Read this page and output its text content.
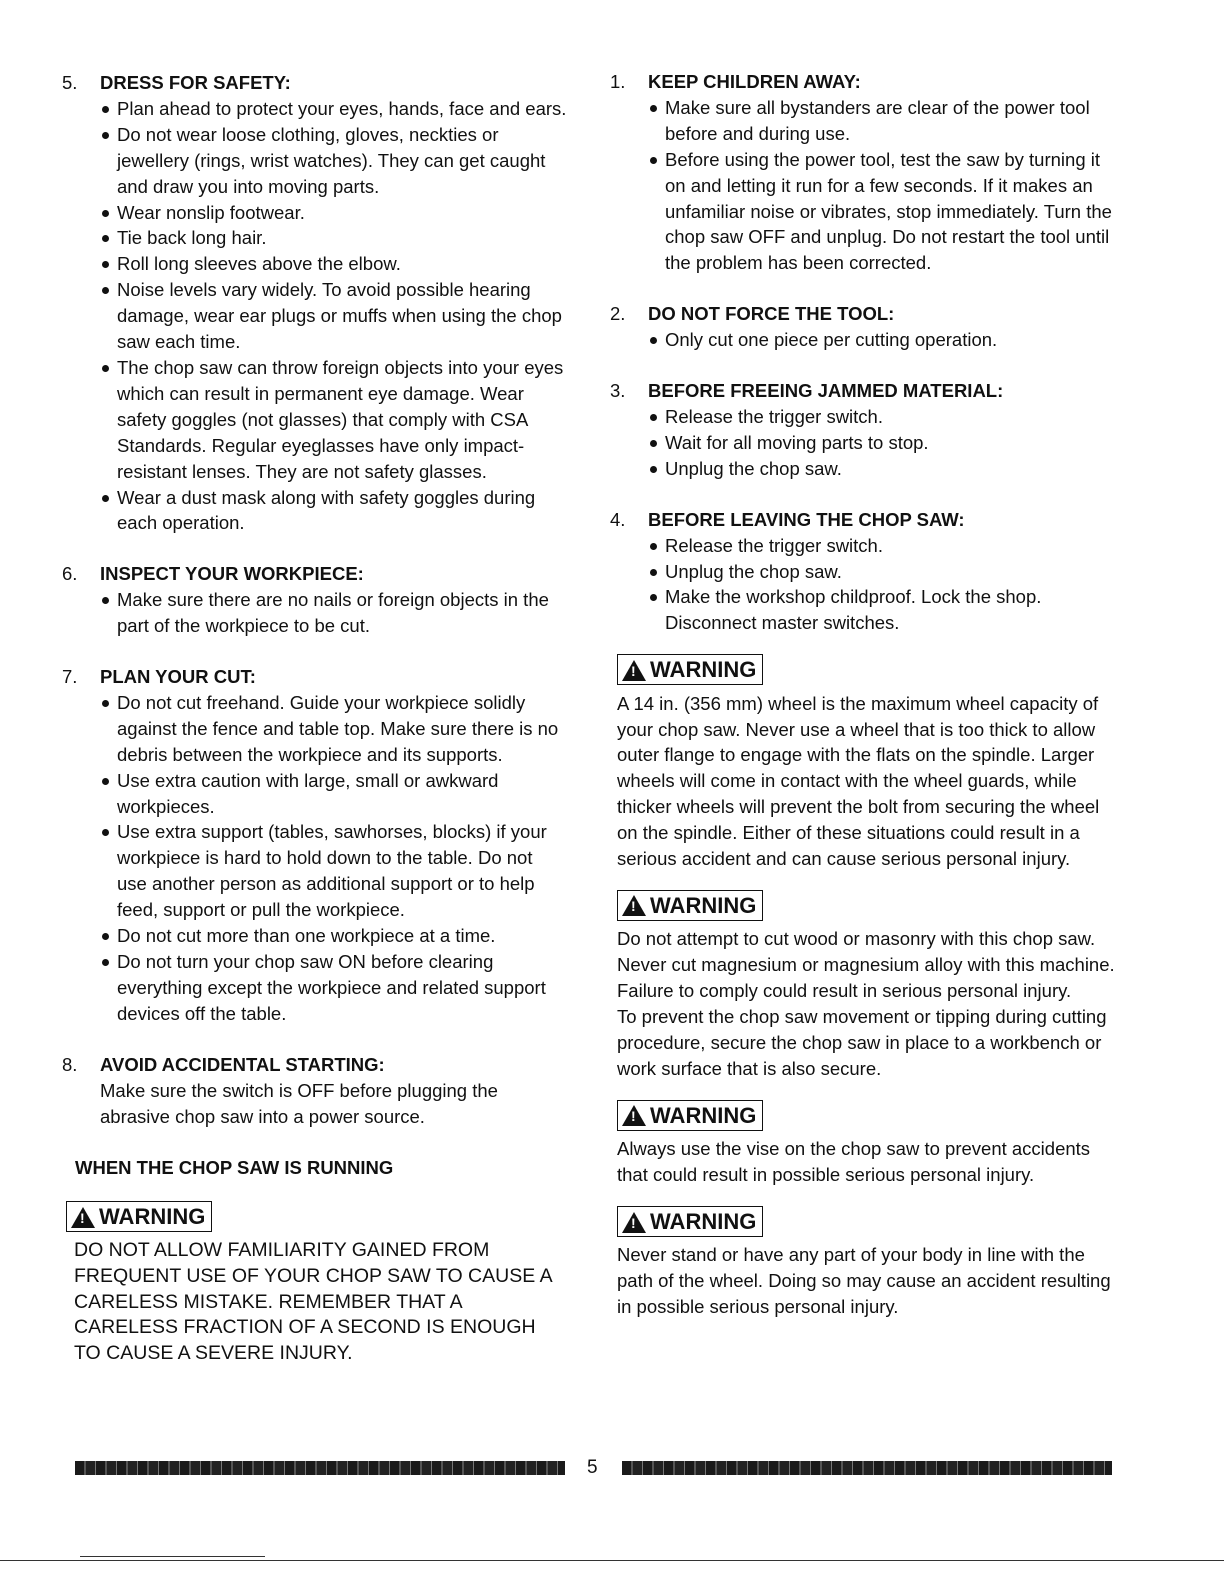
5.	DRESS FOR SAFETY:
Plan ahead to protect your eyes, hands, face and ears.
Do not wear loose clothing, gloves, neckties or jewellery (rings, wrist watches). They can get caught and draw you into moving parts.
Wear nonslip footwear.
Tie back long hair.
Roll long sleeves above the elbow.
Noise levels vary widely. To avoid possible hearing damage, wear ear plugs or muffs when using the chop saw each time.
The chop saw can throw foreign objects into your eyes which can result in permanent eye damage. Wear safety goggles (not glasses) that comply with CSA Standards. Regular eyeglasses have only impact-resistant lenses. They are not safety glasses.
Wear a dust mask along with safety goggles during each operation.
6.	INSPECT YOUR WORKPIECE:
Make sure there are no nails or foreign objects in the part of the workpiece to be cut.
7.	PLAN YOUR CUT:
Do not cut freehand. Guide your workpiece solidly against the fence and table top. Make sure there is no debris between the workpiece and its supports.
Use extra caution with large, small or awkward workpieces.
Use extra support (tables, sawhorses, blocks) if your workpiece is hard to hold down to the table. Do not use another person as additional support or to help feed, support or pull the workpiece.
Do not cut more than one workpiece at a time.
Do not turn your chop saw ON before clearing everything except the workpiece and related support devices off the table.
8.	AVOID ACCIDENTAL STARTING:
Make sure the switch is OFF before plugging the abrasive chop saw into a power source.
WHEN THE CHOP SAW IS RUNNING
!
WARNING
DO NOT ALLOW FAMILIARITY GAINED FROM FREQUENT USE OF YOUR CHOP SAW TO CAUSE A CARELESS MISTAKE. REMEMBER THAT A CARELESS FRACTION OF A SECOND IS ENOUGH TO CAUSE A SEVERE INJURY.
1.	KEEP CHILDREN AWAY:
Make sure all bystanders are clear of the power tool before and during use.
Before using the power tool, test the saw by turning it on and letting it run for a few seconds. If it makes an unfamiliar noise or vibrates, stop immediately. Turn the chop saw OFF and unplug. Do not restart the tool until the problem has been corrected.
2.	DO NOT FORCE THE TOOL:
Only cut one piece per cutting operation.
3.	BEFORE FREEING JAMMED MATERIAL:
Release the trigger switch.
Wait for all moving parts to stop.
Unplug the chop saw.
4.	BEFORE LEAVING THE CHOP SAW:
Release the trigger switch.
Unplug the chop saw.
Make the workshop childproof. Lock the shop. Disconnect master switches.
!
WARNING
A 14 in. (356 mm) wheel is the maximum wheel capacity of your chop saw. Never use a wheel that is too thick to allow outer flange to engage with the flats on the spindle. Larger wheels will come in contact with the wheel guards, while thicker wheels will prevent the bolt from securing the wheel on the spindle. Either of these situations could result in a serious accident and can cause serious personal injury.
!
WARNING
Do not attempt to cut wood or masonry with this chop saw. Never cut magnesium or magnesium alloy with this machine. Failure to comply could result in serious personal injury.
To prevent the chop saw movement or tipping during cutting procedure, secure the chop saw in place to a workbench or work surface that is also secure.
!
WARNING
Always use the vise on the chop saw to prevent accidents that could result in possible serious personal injury.
!
WARNING
Never stand or have any part of your body in line with the path of the wheel. Doing so may cause an accident resulting in possible serious personal injury.
5
